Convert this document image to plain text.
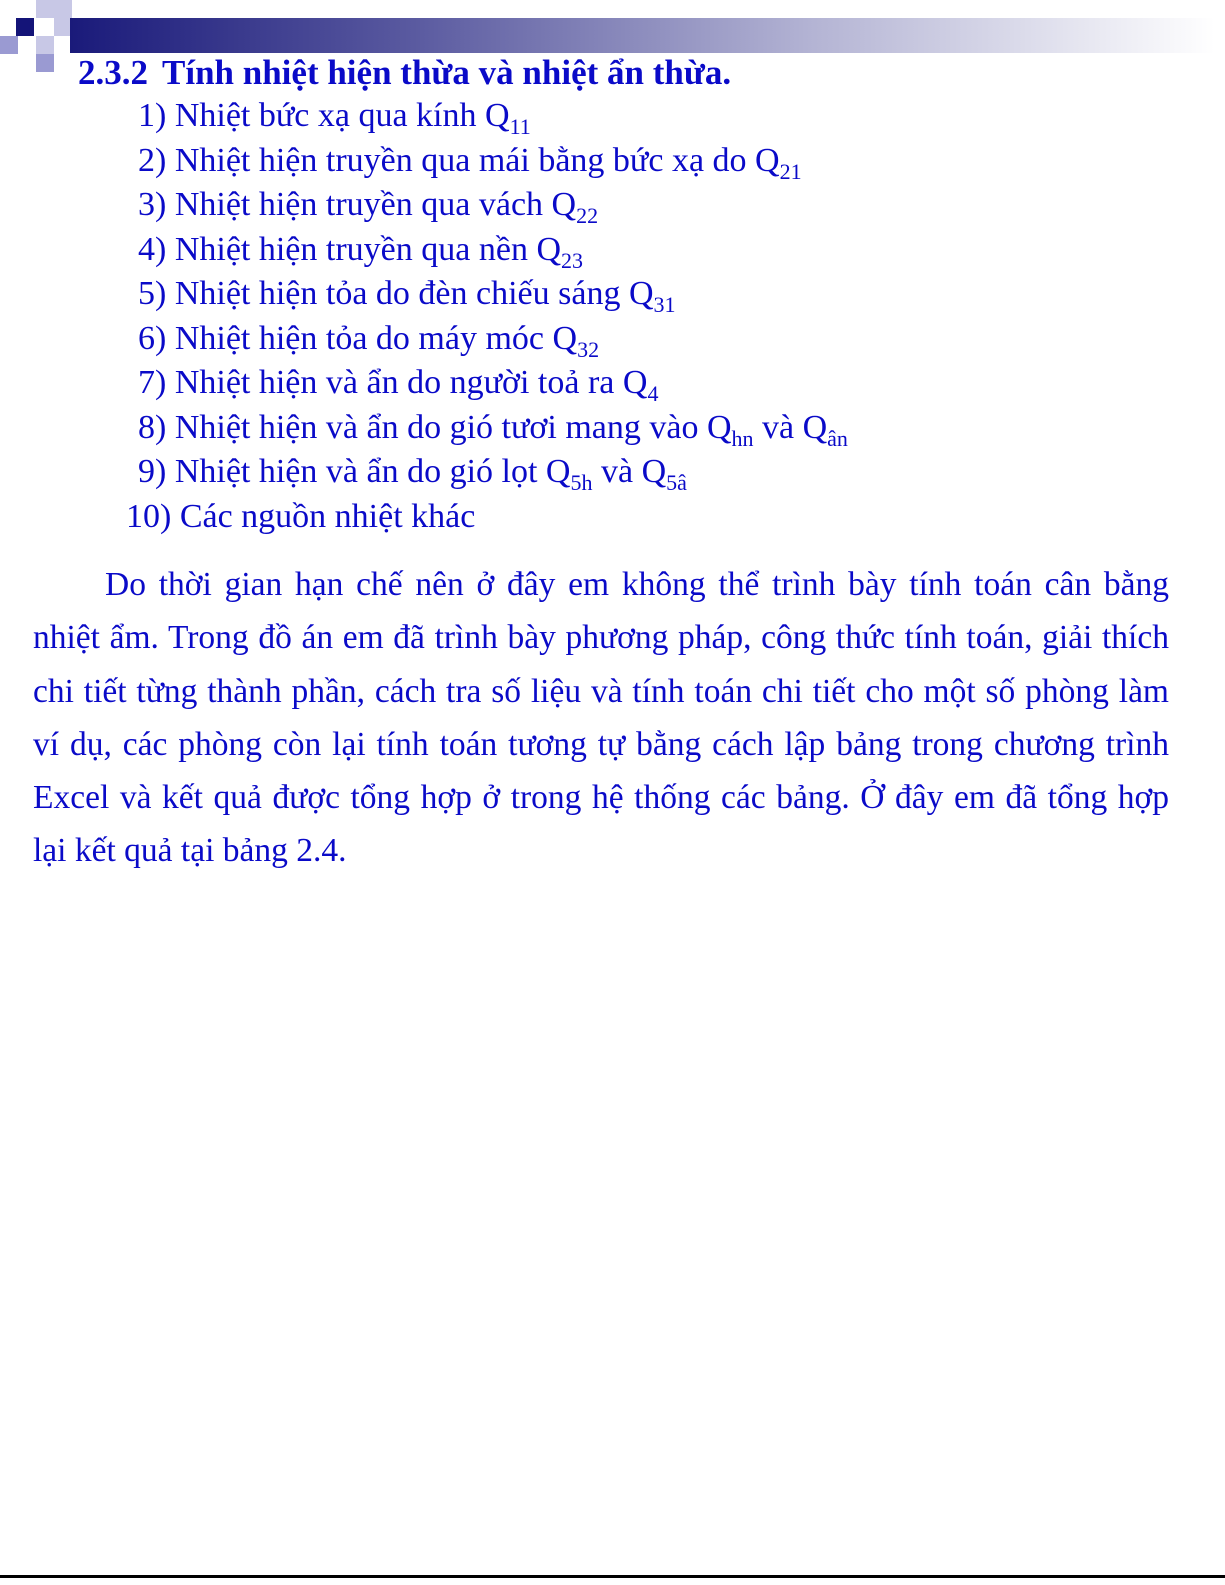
2.3.2 Tính nhiệt hiện thừa và nhiệt ẩn thừa.
1) Nhiệt bức xạ qua kính $Q_{11}$
2) Nhiệt hiện truyền qua mái bằng bức xạ do $Q_{21}$
3) Nhiệt hiện truyền qua vách $Q_{22}$
4) Nhiệt hiện truyền qua nền $Q_{23}$
5) Nhiệt hiện tỏa do đèn chiếu sáng $Q_{31}$
6) Nhiệt hiện tỏa do máy móc $Q_{32}$
7) Nhiệt hiện và ẩn do người toả ra $Q_4$
8) Nhiệt hiện và ẩn do gió tươi mang vào $Q_{hn}$ và $Q_{ân}$
9) Nhiệt hiện và ẩn do gió lọt $Q_{5h}$ và $Q_{5â}$
10) Các nguồn nhiệt khác

Do thời gian hạn chế nên ở đây em không thể trình bày tính toán cân bằng nhiệt ẩm. Trong đồ án em đã trình bày phương pháp, công thức tính toán, giải thích chi tiết từng thành phần, cách tra số liệu và tính toán chi tiết cho một số phòng làm ví dụ, các phòng còn lại tính toán tương tự bằng cách lập bảng trong chương trình Excel và kết quả được tổng hợp ở trong hệ thống các bảng. Ở đây em đã tổng hợp lại kết quả tại bảng 2.4.
